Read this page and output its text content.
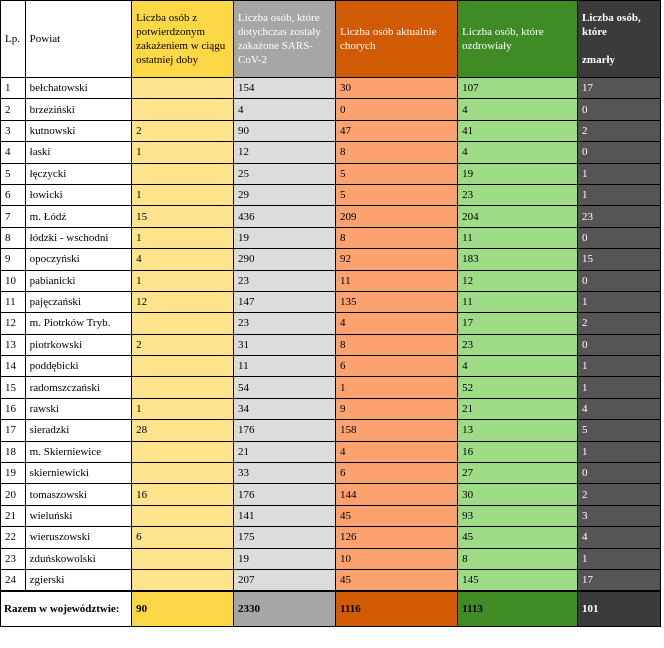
Lp.	Powiat	Liczba osób z potwierdzonym zakażeniem w ciągu ostatniej doby	Liczba osób, które dotychczas zostały zakażone SARS-CoV-2	Liczba osób aktualnie chorych	Liczba osób, które ozdrowiały	Liczba osób, które
zmarły
1	bełchatowski		154	30	107	17
2	brzeziński		4	0	4	0
3	kutnowski	2	90	47	41	2
4	łaski	1	12	8	4	0
5	łęczycki		25	5	19	1
6	łowicki	1	29	5	23	1
7	m. Łódź	15	436	209	204	23
8	łódzki - wschodni	1	19	8	11	0
9	opoczyński	4	290	92	183	15
10	pabianicki	1	23	11	12	0
11	pajęczański	12	147	135	11	1
12	m. Piotrków Tryb.		23	4	17	2
13	piotrkowski	2	31	8	23	0
14	poddębicki		11	6	4	1
15	radomszczański		54	1	52	1
16	rawski	1	34	9	21	4
17	sieradzki	28	176	158	13	5
18	m. Skierniewice		21	4	16	1
19	skierniewicki		33	6	27	0
20	tomaszowski	16	176	144	30	2
21	wieluński		141	45	93	3
22	wieruszowski	6	175	126	45	4
23	zduńskowolski		19	10	8	1
24	zgierski		207	45	145	17
Razem w województwie:		90	2330	1116	1113	101
